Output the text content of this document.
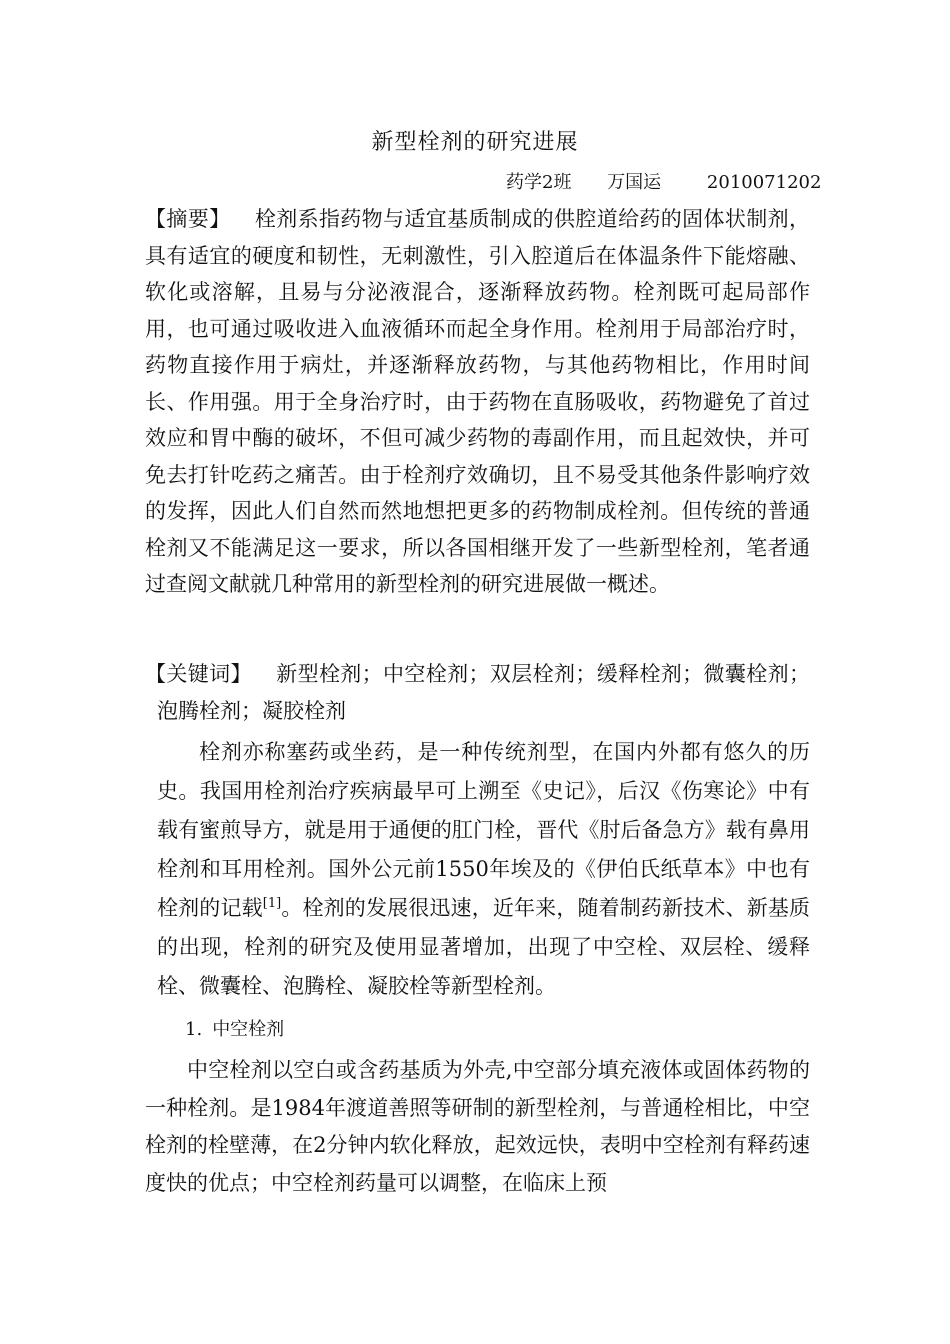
新型栓剂的研究进展
药学2班 万国运	2010071202

【摘要】 栓剂系指药物与适宜基质制成的供腔道给药的固体状制剂，具有适宜的硬度和韧性，无刺激性，引入腔道后在体温条件下能熔融、软化或溶解，且易与分泌液混合，逐渐释放药物。栓剂既可起局部作用，也可通过吸收进入血液循环而起全身作用。栓剂用于局部治疗时，药物直接作用于病灶，并逐渐释放药物，与其他药物相比，作用时间长、作用强。用于全身治疗时，由于药物在直肠吸收，药物避免了首过效应和胃中酶的破坏，不但可减少药物的毒副作用，而且起效快，并可免去打针吃药之痛苦。由于栓剂疗效确切，且不易受其他条件影响疗效的发挥，因此人们自然而然地想把更多的药物制成栓剂。但传统的普通栓剂又不能满足这一要求，所以各国相继开发了一些新型栓剂，笔者通过查阅文献就几种常用的新型栓剂的研究进展做一概述。

【关键词】 新型栓剂；中空栓剂；双层栓剂；缓释栓剂；微囊栓剂；泡腾栓剂；凝胶栓剂

栓剂亦称塞药或坐药，是一种传统剂型，在国内外都有悠久的历史。我国用栓剂治疗疾病最早可上溯至《史记》，后汉《伤寒论》中有载有蜜煎导方，就是用于通便的肛门栓，晋代《肘后备急方》载有鼻用栓剂和耳用栓剂。国外公元前1550年埃及的《伊伯氏纸草本》中也有栓剂的记载[1]。栓剂的发展很迅速，近年来，随着制药新技术、新基质的出现，栓剂的研究及使用显著增加，出现了中空栓、双层栓、缓释栓、微囊栓、泡腾栓、凝胶栓等新型栓剂。

1. 中空栓剂

中空栓剂以空白或含药基质为外壳,中空部分填充液体或固体药物的一种栓剂。是1984年渡道善照等研制的新型栓剂，与普通栓相比，中空栓剂的栓壁薄，在2分钟内软化释放，起效远快，表明中空栓剂有释药速度快的优点；中空栓剂药量可以调整，在临床上预
